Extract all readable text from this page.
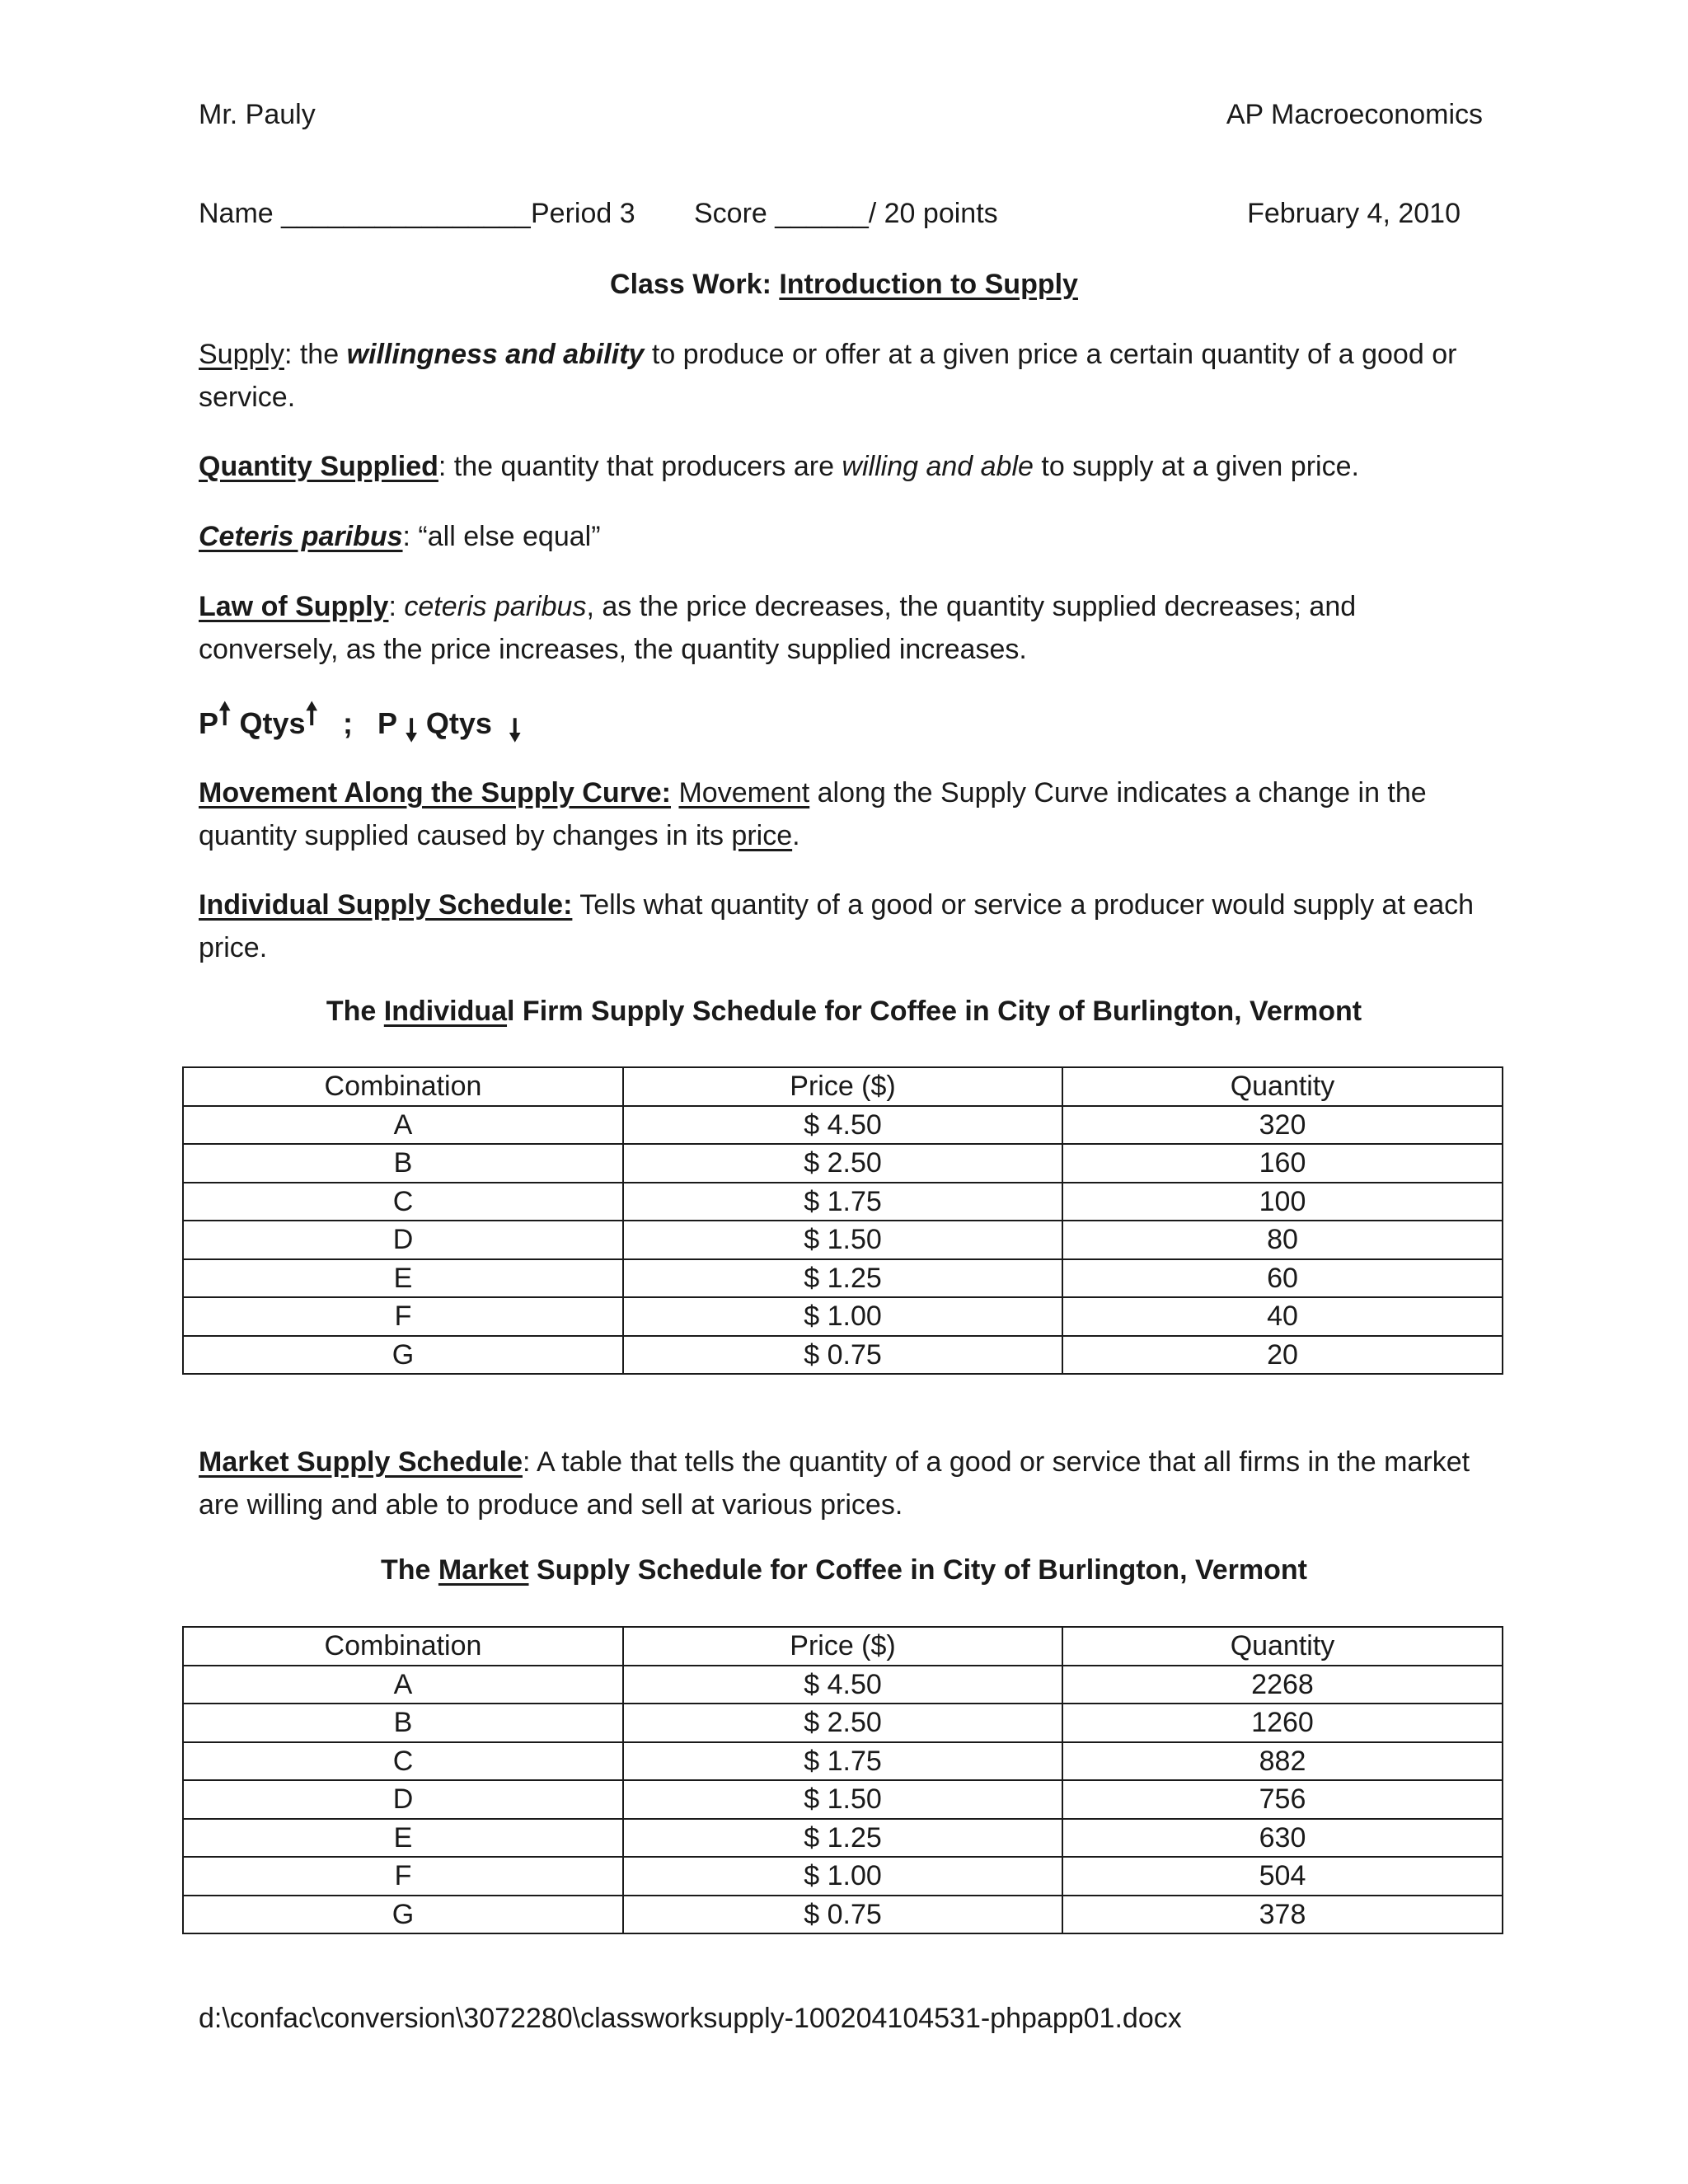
Mr. Pauly	AP Macroeconomics
Name ________________ Period 3 Score ______/ 20 points	February 4, 2010
Class Work: Introduction to Supply
Supply: the willingness and ability to produce or offer at a given price a certain quantity of a good or service.
Quantity Supplied: the quantity that producers are willing and able to supply at a given price.
Ceteris paribus: “all else equal”
Law of Supply: ceteris paribus, as the price decreases, the quantity supplied decreases; and conversely, as the price increases, the quantity supplied increases.
P🠕 Qtys🠕 ; P 🠗 Qtys 🠗
Movement Along the Supply Curve: Movement along the Supply Curve indicates a change in the quantity supplied caused by changes in its price.
Individual Supply Schedule: Tells what quantity of a good or service a producer would supply at each price.
The Individual Firm Supply Schedule for Coffee in City of Burlington, Vermont
Combination	Price ($)	Quantity
A	$ 4.50	320
B	$ 2.50	160
C	$ 1.75	100
D	$ 1.50	80
E	$ 1.25	60
F	$ 1.00	40
G	$ 0.75	20
Market Supply Schedule: A table that tells the quantity of a good or service that all firms in the market are willing and able to produce and sell at various prices.
The Market Supply Schedule for Coffee in City of Burlington, Vermont
Combination	Price ($)	Quantity
A	$ 4.50	2268
B	$ 2.50	1260
C	$ 1.75	882
D	$ 1.50	756
E	$ 1.25	630
F	$ 1.00	504
G	$ 0.75	378
d:\confac\conversion\3072280\classworksupply-100204104531-phpapp01.docx
